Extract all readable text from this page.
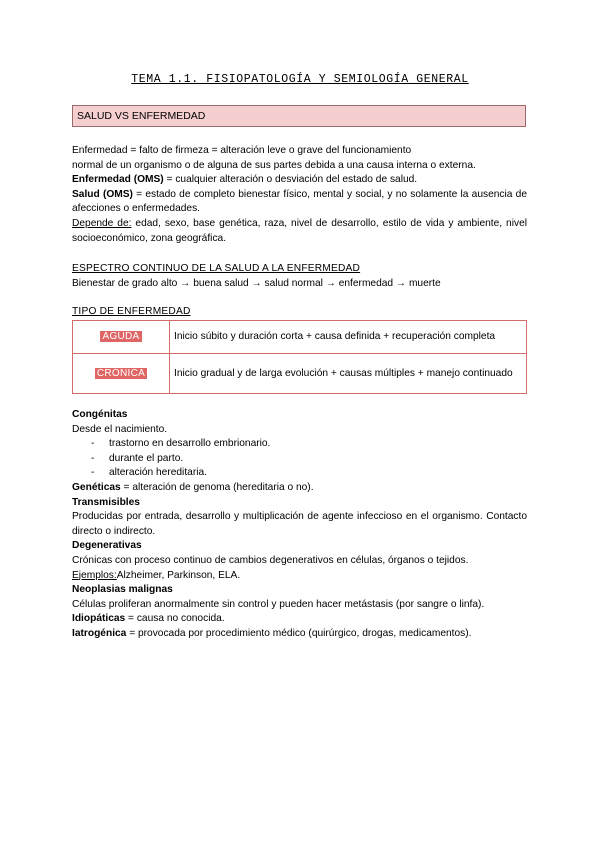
TEMA 1.1. FISIOPATOLOGÍA Y SEMIOLOGÍA GENERAL
SALUD VS ENFERMEDAD
Enfermedad = falto de firmeza = alteración leve o grave del funcionamiento
normal de un organismo o de alguna de sus partes debida a una causa interna o externa.
Enfermedad (OMS) = cualquier alteración o desviación del estado de salud.
Salud (OMS) = estado de completo bienestar físico, mental y social, y no solamente la ausencia de afecciones o enfermedades.
Depende de: edad, sexo, base genética, raza, nivel de desarrollo, estilo de vida y ambiente, nivel socioeconómico, zona geográfica.
ESPECTRO CONTINUO DE LA SALUD A LA ENFERMEDAD
Bienestar de grado alto → buena salud → salud normal → enfermedad → muerte
TIPO DE ENFERMEDAD
AGUDA	Inicio súbito y duración corta + causa definida + recuperación completa
CRÓNICA	Inicio gradual y de larga evolución + causas múltiples + manejo continuado
Congénitas
Desde el nacimiento.
- trastorno en desarrollo embrionario.
- durante el parto.
- alteración hereditaria.
Genéticas = alteración de genoma (hereditaria o no).
Transmisibles
Producidas por entrada, desarrollo y multiplicación de agente infeccioso en el organismo. Contacto directo o indirecto.
Degenerativas
Crónicas con proceso continuo de cambios degenerativos en células, órganos o tejidos.
Ejemplos:Alzheimer, Parkinson, ELA.
Neoplasias malignas
Células proliferan anormalmente sin control y pueden hacer metástasis (por sangre o linfa).
Idiopáticas = causa no conocida.
Iatrogénica = provocada por procedimiento médico (quirúrgico, drogas, medicamentos).
